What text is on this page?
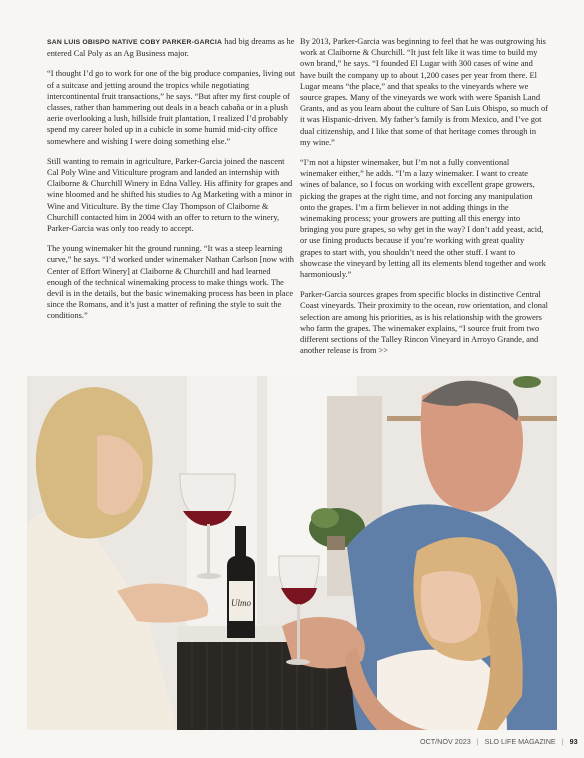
SAN LUIS OBISPO NATIVE COBY PARKER-GARCIA had big dreams as he entered Cal Poly as an Ag Business major.

“I thought I’d go to work for one of the big produce companies, living out of a suitcase and jetting around the tropics while negotiating intercontinental fruit transactions,” he says. “But after my first couple of classes, rather than hammering out deals in a beach cabaña or in a plush aerie overlooking a lush, hillside fruit plantation, I realized I’d probably spend my career holed up in a cubicle in some humid mid-city office somewhere and wishing I were doing something else.”

Still wanting to remain in agriculture, Parker-Garcia joined the nascent Cal Poly Wine and Viticulture program and landed an internship with Claiborne & Churchill Winery in Edna Valley. His affinity for grapes and wine bloomed and he shifted his studies to Ag Marketing with a minor in Wine and Viticulture. By the time Clay Thompson of Claiborne & Churchill contacted him in 2004 with an offer to return to the winery, Parker-Garcia was only too ready to accept.

The young winemaker hit the ground running. “It was a steep learning curve,” he says. “I’d worked under winemaker Nathan Carlson [now with Center of Effort Winery] at Claiborne & Churchill and had learned enough of the technical winemaking process to make things work. The devil is in the details, but the basic winemaking process has been in place since the Romans, and it’s just a matter of refining the style to suit the conditions.”

By 2013, Parker-Garcia was beginning to feel that he was outgrowing his work at Claiborne & Churchill. “It just felt like it was time to build my own brand,” he says. “I founded El Lugar with 300 cases of wine and have built the company up to about 1,200 cases per year from there. El Lugar means “the place,” and that speaks to the vineyards where we source grapes. Many of the vineyards we work with were Spanish Land Grants, and as you learn about the culture of San Luis Obispo, so much of it was Hispanic-driven. My father’s family is from Mexico, and I’ve got dual citizenship, and I like that some of that heritage comes through in my wine.”

“I’m not a hipster winemaker, but I’m not a fully conventional winemaker either,” he adds. “I’m a lazy winemaker. I want to create wines of balance, so I focus on working with excellent grape growers, picking the grapes at the right time, and not forcing any manipulation onto the grapes. I’m a firm believer in not adding things in the winemaking process; your growers are putting all this energy into bringing you pure grapes, so why get in the way? I don’t add yeast, acid, or use fining products because if you’re working with great quality grapes to start with, you shouldn’t need the other stuff. I want to showcase the vineyard by letting all its elements blend together and work harmoniously.”

Parker-Garcia sources grapes from specific blocks in distinctive Central Coast vineyards. Their proximity to the ocean, row orientation, and clonal selection are among his priorities, as is his relationship with the growers who farm the grapes. The winemaker explains, “I source fruit from two different sections of the Talley Rincon Vineyard in Arroyo Grande, and another release is from >>

Ulmo
OCT/NOV 2023 | SLO LIFE MAGAZINE | 93
